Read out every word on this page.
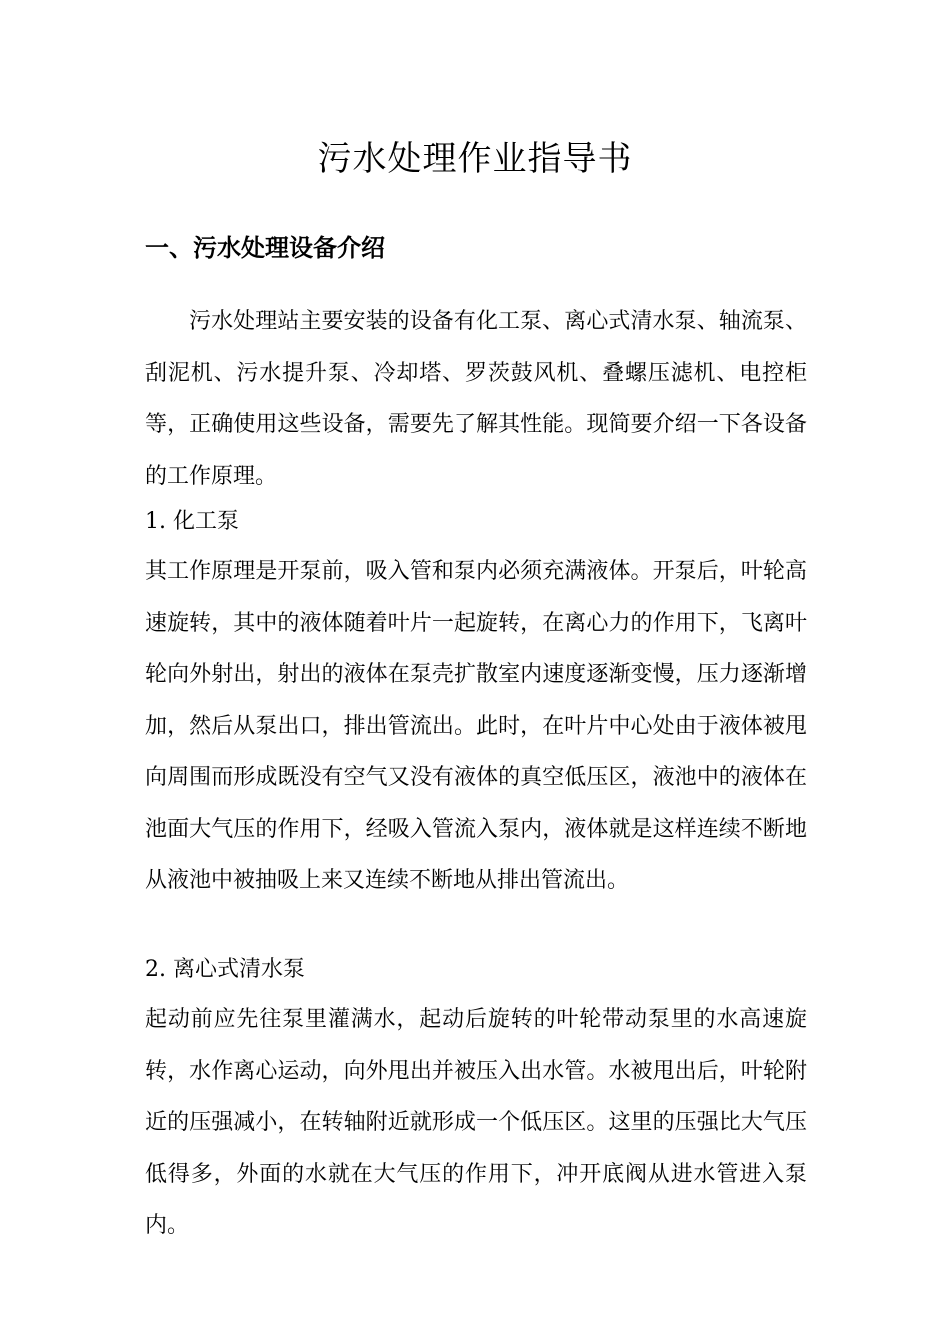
污水处理作业指导书
一、污水处理设备介绍

污水处理站主要安装的设备有化工泵、离心式清水泵、轴流泵、刮泥机、污水提升泵、冷却塔、罗茨鼓风机、叠螺压滤机、电控柜等，正确使用这些设备，需要先了解其性能。现简要介绍一下各设备的工作原理。

1. 化工泵

其工作原理是开泵前，吸入管和泵内必须充满液体。开泵后，叶轮高速旋转，其中的液体随着叶片一起旋转，在离心力的作用下，飞离叶轮向外射出，射出的液体在泵壳扩散室内速度逐渐变慢，压力逐渐增加，然后从泵出口，排出管流出。此时，在叶片中心处由于液体被甩向周围而形成既没有空气又没有液体的真空低压区，液池中的液体在池面大气压的作用下，经吸入管流入泵内，液体就是这样连续不断地从液池中被抽吸上来又连续不断地从排出管流出。

2. 离心式清水泵

起动前应先往泵里灌满水，起动后旋转的叶轮带动泵里的水高速旋转，水作离心运动，向外甩出并被压入出水管。水被甩出后，叶轮附近的压强减小，在转轴附近就形成一个低压区。这里的压强比大气压低得多，外面的水就在大气压的作用下，冲开底阀从进水管进入泵内。
